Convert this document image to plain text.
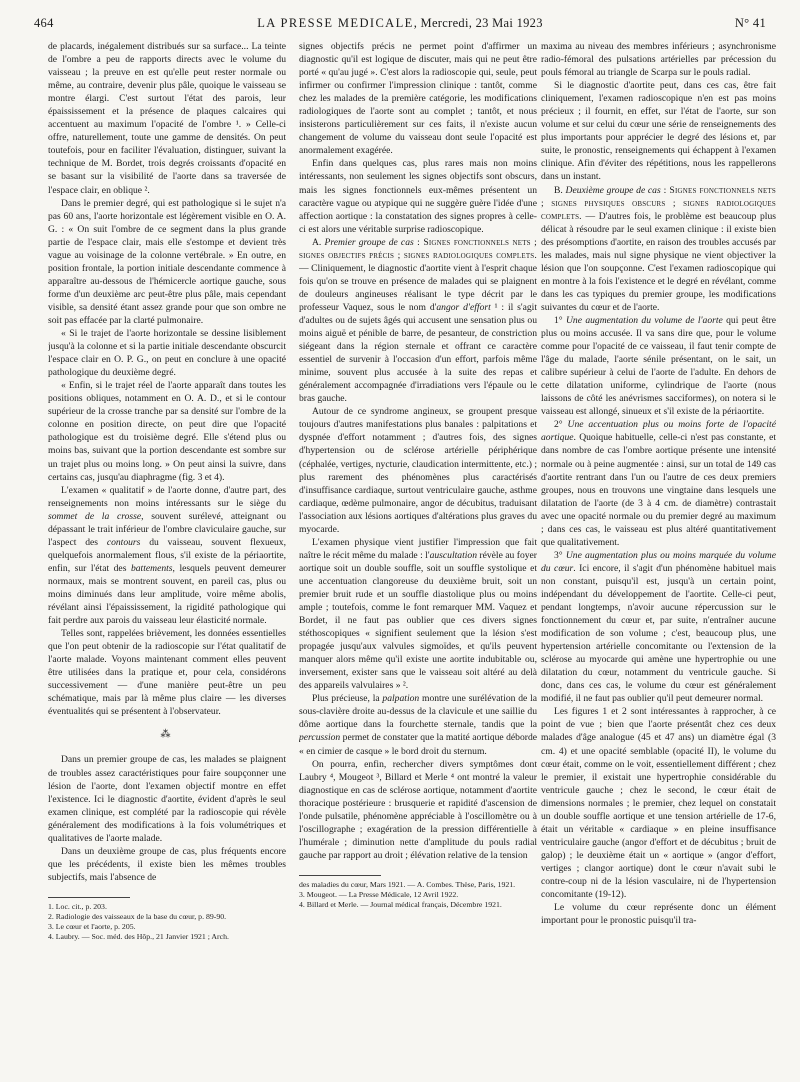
464	LA PRESSE MEDICALE, Mercredi, 23 Mai 1923	N° 41

de placards, inégalement distribués sur sa surface... La teinte de l'ombre a peu de rapports directs avec le volume du vaisseau ; la preuve en est qu'elle peut rester normale ou même, au contraire, devenir plus pâle, quoique le vaisseau se montre élargi. C'est surtout l'état des parois, leur épaississement et la présence de plaques calcaires qui accentuent au maximum l'opacité de l'ombre ¹. » Celle-ci offre, naturellement, toute une gamme de densités. On peut toutefois, pour en faciliter l'évaluation, distinguer, suivant la technique de M. Bordet, trois degrés croissants d'opacité en se basant sur la visibilité de l'aorte dans sa traversée de l'espace clair, en oblique ².

Dans le premier degré, qui est pathologique si le sujet n'a pas 60 ans, l'aorte horizontale est légèrement visible en O. A. G. : « On suit l'ombre de ce segment dans la plus grande partie de l'espace clair, mais elle s'estompe et devient très vague au voisinage de la colonne vertébrale. » En outre, en position frontale, la portion initiale descendante commence à apparaître au-dessous de l'hémicercle aortique gauche, sous forme d'un deuxième arc peut-être plus pâle, mais cependant visible, sa densité étant assez grande pour que son ombre ne soit pas effacée par la clarté pulmonaire.

« Si le trajet de l'aorte horizontale se dessine lisiblement jusqu'à la colonne et si la partie initiale descendante obscurcit l'espace clair en O. P. G., on peut en conclure à une opacité pathologique du deuxième degré.

« Enfin, si le trajet réel de l'aorte apparaît dans toutes les positions obliques, notamment en O. A. D., et si le contour supérieur de la crosse tranche par sa densité sur l'ombre de la colonne en position directe, on peut dire que l'opacité pathologique est du troisième degré. Elle s'étend plus ou moins bas, suivant que la portion descendante est sombre sur un trajet plus ou moins long. » On peut ainsi la suivre, dans certains cas, jusqu'au diaphragme (fig. 3 et 4).

L'examen « qualitatif » de l'aorte donne, d'autre part, des renseignements non moins intéressants sur le siège du sommet de la crosse, souvent surélevé, atteignant ou dépassant le trait inférieur de l'ombre claviculaire gauche, sur l'aspect des contours du vaisseau, souvent flexueux, quelquefois anormalement flous, s'il existe de la périaortite, enfin, sur l'état des battements, lesquels peuvent demeurer normaux, mais se montrent souvent, en pareil cas, plus ou moins diminués dans leur amplitude, voire même abolis, révélant ainsi l'épaississement, la rigidité pathologique qui fait perdre aux parois du vaisseau leur élasticité normale.

Telles sont, rappelées brièvement, les données essentielles que l'on peut obtenir de la radioscopie sur l'état qualitatif de l'aorte malade. Voyons maintenant comment elles peuvent être utilisées dans la pratique et, pour cela, considérons successivement — d'une manière peut-être un peu schématique, mais par là même plus claire — les diverses éventualités qui se présentent à l'observateur.

⁂

Dans un premier groupe de cas, les malades se plaignent de troubles assez caractéristiques pour faire soupçonner une lésion de l'aorte, dont l'examen objectif montre en effet l'existence. Ici le diagnostic d'aortite, évident d'après le seul examen clinique, est complété par la radioscopie qui révèle généralement des modifications à la fois volumétriques et qualitatives de l'aorte malade.

Dans un deuxième groupe de cas, plus fréquents encore que les précédents, il existe bien les mêmes troubles subjectifs, mais l'absence de

1. Loc. cit., p. 203.

2. Radiologie des vaisseaux de la base du cœur, p. 89-90.

3. Le cœur et l'aorte, p. 205.

4. Laubry. — Soc. méd. des Hôp., 21 Janvier 1921 ; Arch.

signes objectifs précis ne permet point d'affirmer un diagnostic qu'il est logique de discuter, mais qui ne peut être porté « qu'au jugé ». C'est alors la radioscopie qui, seule, peut infirmer ou confirmer l'impression clinique : tantôt, comme chez les malades de la première catégorie, les modifications radiologiques de l'aorte sont au complet ; tantôt, et nous insisterons particulièrement sur ces faits, il n'existe aucun changement de volume du vaisseau dont seule l'opacité est anormalement exagérée.

Enfin dans quelques cas, plus rares mais non moins intéressants, non seulement les signes objectifs sont obscurs, mais les signes fonctionnels eux-mêmes présentent un caractère vague ou atypique qui ne suggère guère l'idée d'une affection aortique : la constatation des signes propres à celle-ci est alors une véritable surprise radioscopique.

A. Premier groupe de cas : Signes fonctionnels nets ; signes objectifs précis ; signes radiologiques complets. — Cliniquement, le diagnostic d'aortite vient à l'esprit chaque fois qu'on se trouve en présence de malades qui se plaignent de douleurs angineuses réalisant le type décrit par le professeur Vaquez, sous le nom d'angor d'effort ¹ : il s'agit d'adultes ou de sujets âgés qui accusent une sensation plus ou moins aiguë et pénible de barre, de pesanteur, de constriction siégeant dans la région sternale et offrant ce caractère essentiel de survenir à l'occasion d'un effort, parfois même minime, souvent plus accusée à la suite des repas et généralement accompagnée d'irradiations vers l'épaule ou le bras gauche.

Autour de ce syndrome angineux, se groupent presque toujours d'autres manifestations plus banales : palpitations et dyspnée d'effort notamment ; d'autres fois, des signes d'hypertension ou de sclérose artérielle périphérique (céphalée, vertiges, nycturie, claudication intermittente, etc.) ; plus rarement des phénomènes plus caractérisés d'insuffisance cardiaque, surtout ventriculaire gauche, asthme cardiaque, œdème pulmonaire, angor de décubitus, traduisant l'association aux lésions aortiques d'altérations plus graves du myocarde.

L'examen physique vient justifier l'impression que fait naître le récit même du malade : l'auscultation révèle au foyer aortique soit un double souffle, soit un souffle systolique et une accentuation clangoreuse du deuxième bruit, soit un premier bruit rude et un souffle diastolique plus ou moins ample ; toutefois, comme le font remarquer MM. Vaquez et Bordet, il ne faut pas oublier que ces divers signes stéthoscopiques « signifient seulement que la lésion s'est propagée jusqu'aux valvules sigmoïdes, et qu'ils peuvent manquer alors même qu'il existe une aortite indubitable ou, inversement, exister sans que le vaisseau soit altéré au delà des appareils valvulaires » ².

Plus précieuse, la palpation montre une surélévation de la sous-clavière droite au-dessus de la clavicule et une saillie du dôme aortique dans la fourchette sternale, tandis que la percussion permet de constater que la matité aortique déborde « en cimier de casque » le bord droit du sternum.

On pourra, enfin, rechercher divers symptômes dont Laubry ⁴, Mougeot ³, Billard et Merle ⁴ ont montré la valeur diagnostique en cas de sclérose aortique, notamment d'aortite thoracique postérieure : brusquerie et rapidité d'ascension de l'onde pulsatile, phénomène appréciable à l'oscillomètre ou à l'oscillographe ; exagération de la pression différentielle à l'humérale ; diminution nette d'amplitude du pouls radial gauche par rapport au droit ; élévation relative de la tension

des maladies du cœur, Mars 1921. — A. Combes. Thèse, Paris, 1921.

3. Mougeot. — La Presse Médicale, 12 Avril 1922.

4. Billard et Merle. — Journal médical français, Décembre 1921.

maxima au niveau des membres inférieurs ; asynchronisme radio-fémoral des pulsations artérielles par précession du pouls fémoral au triangle de Scarpa sur le pouls radial.

Si le diagnostic d'aortite peut, dans ces cas, être fait cliniquement, l'examen radioscopique n'en est pas moins précieux ; il fournit, en effet, sur l'état de l'aorte, sur son volume et sur celui du cœur une série de renseignements des plus importants pour apprécier le degré des lésions et, par suite, le pronostic, renseignements qui échappent à l'examen clinique. Afin d'éviter des répétitions, nous les rappellerons dans un instant.

B. Deuxième groupe de cas : Signes fonctionnels nets ; signes physiques obscurs ; signes radiologiques complets. — D'autres fois, le problème est beaucoup plus délicat à résoudre par le seul examen clinique : il existe bien des présomptions d'aortite, en raison des troubles accusés par les malades, mais nul signe physique ne vient objectiver la lésion que l'on soupçonne. C'est l'examen radioscopique qui en montre à la fois l'existence et le degré en révélant, comme dans les cas typiques du premier groupe, les modifications suivantes du cœur et de l'aorte.

1° Une augmentation du volume de l'aorte qui peut être plus ou moins accusée. Il va sans dire que, pour le volume comme pour l'opacité de ce vaisseau, il faut tenir compte de l'âge du malade, l'aorte sénile présentant, on le sait, un calibre supérieur à celui de l'aorte de l'adulte. En dehors de cette dilatation uniforme, cylindrique de l'aorte (nous laissons de côté les anévrismes sacciformes), on notera si le vaisseau est allongé, sinueux et s'il existe de la périaortite.

2° Une accentuation plus ou moins forte de l'opacité aortique. Quoique habituelle, celle-ci n'est pas constante, et dans nombre de cas l'ombre aortique présente une intensité normale ou à peine augmentée : ainsi, sur un total de 149 cas d'aortite rentrant dans l'un ou l'autre de ces deux premiers groupes, nous en trouvons une vingtaine dans lesquels une dilatation de l'aorte (de 3 à 4 cm. de diamètre) contrastait avec une opacité normale ou du premier degré au maximum ; dans ces cas, le vaisseau est plus altéré quantitativement que qualitativement.

3° Une augmentation plus ou moins marquée du volume du cœur. Ici encore, il s'agit d'un phénomène habituel mais non constant, puisqu'il est, jusqu'à un certain point, indépendant du développement de l'aortite. Celle-ci peut, pendant longtemps, n'avoir aucune répercussion sur le fonctionnement du cœur et, par suite, n'entraîner aucune modification de son volume ; c'est, beaucoup plus, une hypertension artérielle concomitante ou l'extension de la sclérose au myocarde qui amène une hypertrophie ou une dilatation du cœur, notamment du ventricule gauche. Si donc, dans ces cas, le volume du cœur est généralement modifié, il ne faut pas oublier qu'il peut demeurer normal.

Les figures 1 et 2 sont intéressantes à rapprocher, à ce point de vue ; bien que l'aorte présentât chez ces deux malades d'âge analogue (45 et 47 ans) un diamètre égal (3 cm. 4) et une opacité semblable (opacité II), le volume du cœur était, comme on le voit, essentiellement différent ; chez le premier, il existait une hypertrophie considérable du ventricule gauche ; chez le second, le cœur était de dimensions normales ; le premier, chez lequel on constatait un double souffle aortique et une tension artérielle de 17-6, était un véritable « cardiaque » en pleine insuffisance ventriculaire gauche (angor d'effort et de décubitus ; bruit de galop) ; le deuxième était un « aortique » (angor d'effort, vertiges ; clangor aortique) dont le cœur n'avait subi le contre-coup ni de la lésion vasculaire, ni de l'hypertension concomitante (19-12).

Le volume du cœur représente donc un élément important pour le pronostic puisqu'il tra-
